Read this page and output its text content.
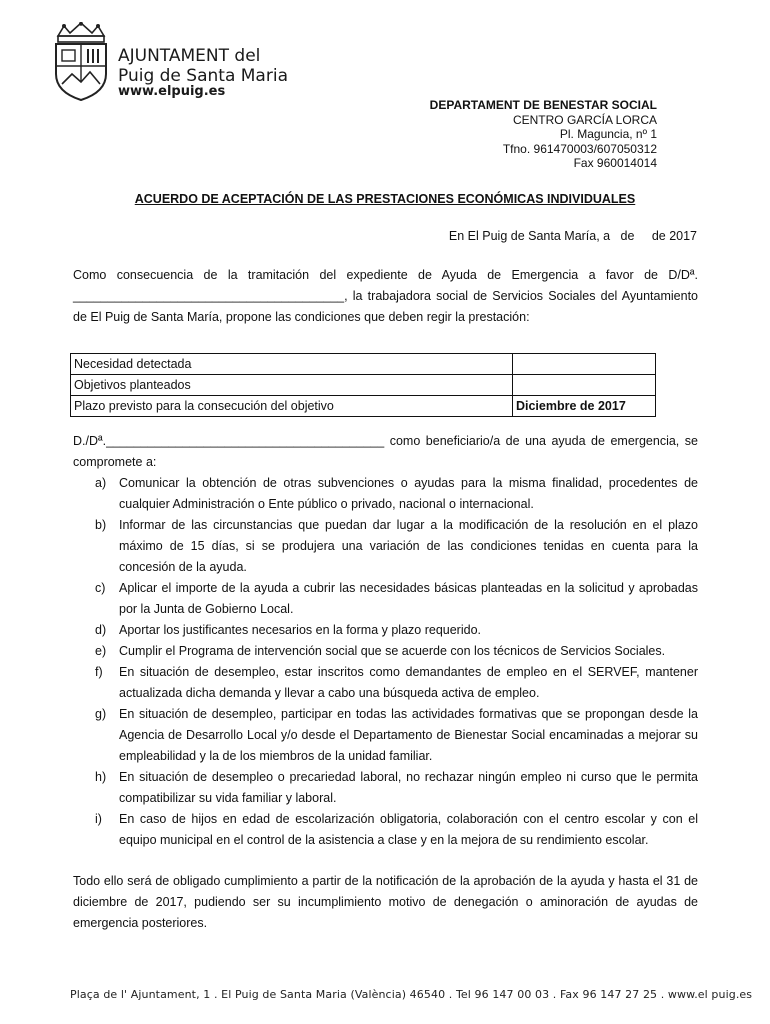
AJUNTAMENT del
Puig de Santa Maria
www.elpuig.es
DEPARTAMENT DE BENESTAR SOCIAL
CENTRO GARCÍA LORCA
Pl. Maguncia, nº 1
Tfno. 961470003/607050312
Fax 960014014
ACUERDO DE ACEPTACIÓN DE LAS PRESTACIONES ECONÓMICAS INDIVIDUALES
En El Puig de Santa María, a   de     de 2017
Como consecuencia de la tramitación del expediente de Ayuda de Emergencia a favor de D/Dª.
_______________________________________, la trabajadora social de Servicios Sociales del Ayuntamiento
de El Puig de Santa María, propone las condiciones que deben regir la prestación:
Necesidad detectada	
Objetivos planteados	
Plazo previsto para la consecución del objetivo	Diciembre de 2017
D./Dª.________________________________________ como beneficiario/a de una ayuda de emergencia, se
compromete a:
a) Comunicar la obtención de otras subvenciones o ayudas para la misma finalidad, procedentes de cualquier Administración o Ente público o privado, nacional o internacional.
b) Informar de las circunstancias que puedan dar lugar a la modificación de la resolución en el plazo máximo de 15 días, si se produjera una variación de las condiciones tenidas en cuenta para la concesión de la ayuda.
c) Aplicar el importe de la ayuda a cubrir las necesidades básicas planteadas en la solicitud y aprobadas por la Junta de Gobierno Local.
d) Aportar los justificantes necesarios en la forma y plazo requerido.
e) Cumplir el Programa de intervención social que se acuerde con los técnicos de Servicios Sociales.
f) En situación de desempleo, estar inscritos como demandantes de empleo en el SERVEF, mantener actualizada dicha demanda y llevar a cabo una búsqueda activa de empleo.
g) En situación de desempleo, participar en todas las actividades formativas que se propongan desde la Agencia de Desarrollo Local y/o desde el Departamento de Bienestar Social encaminadas a mejorar su empleabilidad y la de los miembros de la unidad familiar.
h) En situación de desempleo o precariedad laboral, no rechazar ningún empleo ni curso que le permita compatibilizar su vida familiar y laboral.
i) En caso de hijos en edad de escolarización obligatoria, colaboración con el centro escolar y con el equipo municipal en el control de la asistencia a clase y en la mejora de su rendimiento escolar.
Todo ello será de obligado cumplimiento a partir de la notificación de la aprobación de la ayuda y hasta el 31 de diciembre de 2017, pudiendo ser su incumplimiento motivo de denegación o aminoración de ayudas de emergencia posteriores.
Plaça de l' Ajuntament, 1 . El Puig de Santa Maria (València) 46540 . Tel 96 147 00 03 . Fax 96 147 27 25 . www.el puig.es
